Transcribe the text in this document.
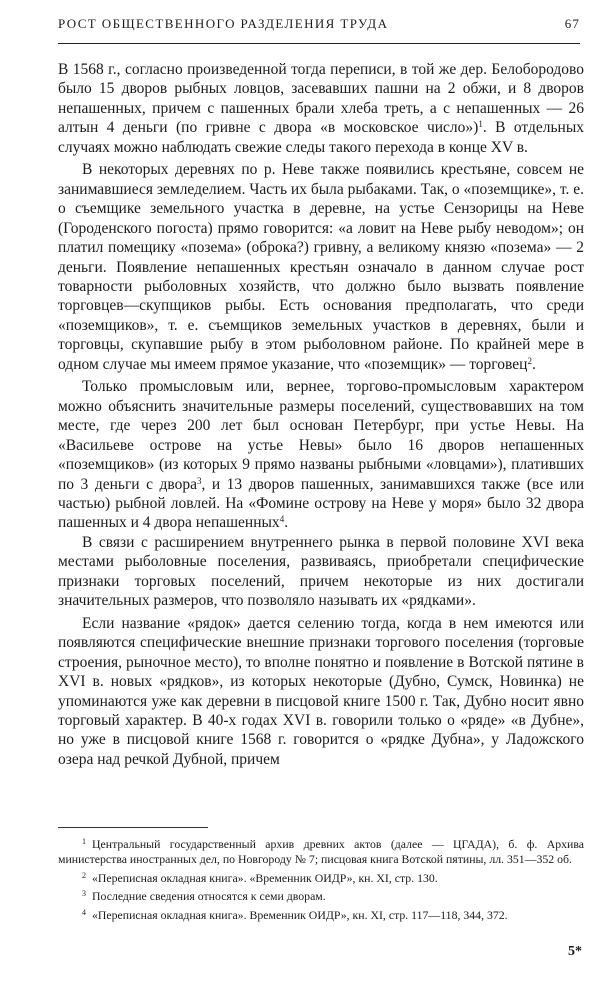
РОСТ ОБЩЕСТВЕННОГО РАЗДЕЛЕНИЯ ТРУДА	67

В 1568 г., согласно произведенной тогда переписи, в той же дер. Белобородово было 15 дворов рыбных ловцов, засевавших пашни на 2 обжи, и 8 дворов непашенных, причем с пашенных брали хлеба треть, а с непашенных — 26 алтын 4 деньги (по гривне с двора «в московское число»)$^1$. В отдельных случаях можно наблюдать свежие следы такого перехода в конце XV в.

В некоторых деревнях по р. Неве также появились крестьяне, совсем не занимавшиеся земледелием. Часть их была рыбаками. Так, о «поземщике», т. е. о съемщике земельного участка в деревне, на устье Сензорицы на Неве (Городенского погоста) прямо говорится: «а ловит на Неве рыбу неводом»; он платил помещику «позема» (оброка?) гривну, а великому князю «позема» — 2 деньги. Появление непашенных крестьян означало в данном случае рост товарности рыболовных хозяйств, что должно было вызвать появление торговцев—скупщиков рыбы. Есть основания предполагать, что среди «поземщиков», т. е. съемщиков земельных участков в деревнях, были и торговцы, скупавшие рыбу в этом рыболовном районе. По крайней мере в одном случае мы имеем прямое указание, что «поземщик» — торговец$^2$.

Только промысловым или, вернее, торгово-промысловым характером можно объяснить значительные размеры поселений, существовавших на том месте, где через 200 лет был основан Петербург, при устье Невы. На «Васильеве острове на устье Невы» было 16 дворов непашенных «поземщиков» (из которых 9 прямо названы рыбными «ловцами»), плативших по 3 деньги с двора$^3$, и 13 дворов пашенных, занимавшихся также (все или частью) рыбной ловлей. На «Фомине острову на Неве у моря» было 32 двора пашенных и 4 двора непашенных$^4$.

В связи с расширением внутреннего рынка в первой половине XVI века местами рыболовные поселения, развиваясь, приобретали специфические признаки торговых поселений, причем некоторые из них достигали значительных размеров, что позволяло называть их «рядками».

Если название «рядок» дается селению тогда, когда в нем имеются или появляются специфические внешние признаки торгового поселения (торговые строения, рыночное место), то вполне понятно и появление в Вотской пятине в XVI в. новых «рядков», из которых некоторые (Дубно, Сумск, Новинка) не упоминаются уже как деревни в писцовой книге 1500 г. Так, Дубно носит явно торговый характер. В 40-х годах XVI в. говорили только о «ряде» «в Дубне», но уже в писцовой книге 1568 г. говорится о «рядке Дубна», у Ладожского озера над речкой Дубной, причем

$^1$ Центральный государственный архив древних актов (далее — ЦГАДА), б. ф. Архива министерства иностранных дел, по Новгороду № 7; писцовая книга Вотской пятины, лл. 351—352 об.

$^2$ «Переписная окладная книга». «Временник ОИДР», кн. XI, стр. 130.

$^3$ Последние сведения относятся к семи дворам.

$^4$ «Переписная окладная книга». Временник ОИДР», кн. XI, стр. 117—118, 344, 372.

5*
